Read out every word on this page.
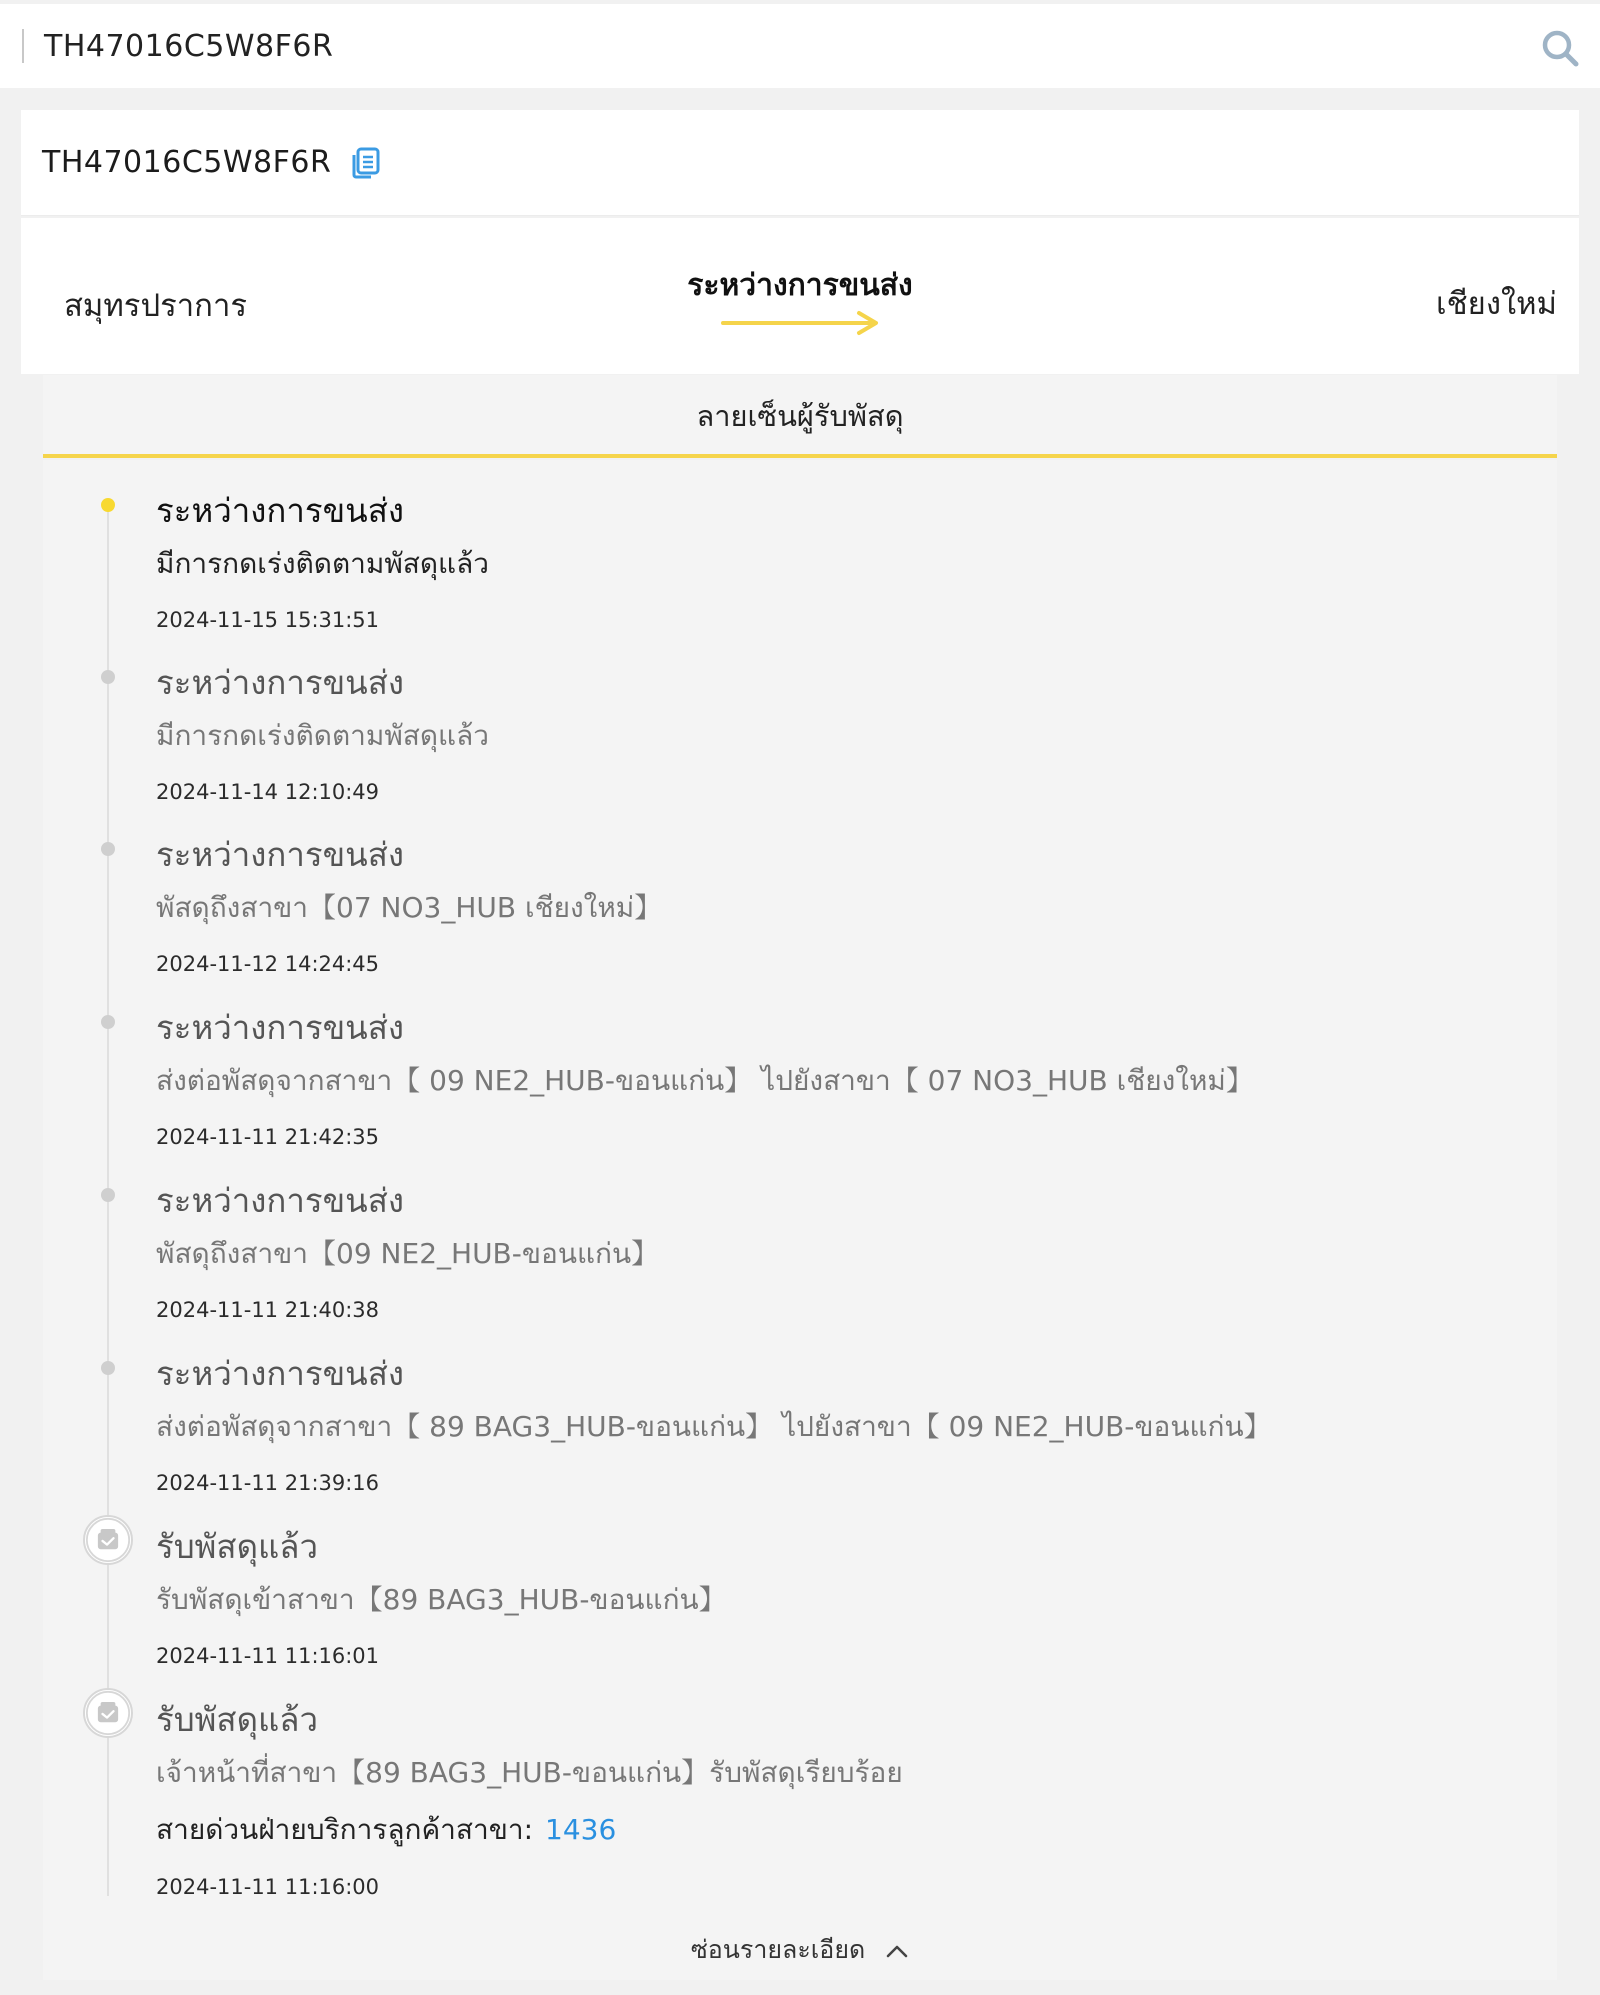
TH47016C5W8F6R
TH47016C5W8F6R
สมุทรปราการ
ระหว่างการขนส่ง
เชียงใหม่
ลายเซ็นผู้รับพัสดุ
ระหว่างการขนส่ง
มีการกดเร่งติดตามพัสดุแล้ว
2024-11-15 15:31:51
ระหว่างการขนส่ง
มีการกดเร่งติดตามพัสดุแล้ว
2024-11-14 12:10:49
ระหว่างการขนส่ง
พัสดุถึงสาขา【07 NO3_HUB เชียงใหม่】
2024-11-12 14:24:45
ระหว่างการขนส่ง
ส่งต่อพัสดุจากสาขา【 09 NE2_HUB-ขอนแก่น】 ไปยังสาขา【 07 NO3_HUB เชียงใหม่】
2024-11-11 21:42:35
ระหว่างการขนส่ง
พัสดุถึงสาขา【09 NE2_HUB-ขอนแก่น】
2024-11-11 21:40:38
ระหว่างการขนส่ง
ส่งต่อพัสดุจากสาขา【 89 BAG3_HUB-ขอนแก่น】 ไปยังสาขา【 09 NE2_HUB-ขอนแก่น】
2024-11-11 21:39:16
รับพัสดุแล้ว
รับพัสดุเข้าสาขา【89 BAG3_HUB-ขอนแก่น】
2024-11-11 11:16:01
รับพัสดุแล้ว
เจ้าหน้าที่สาขา【89 BAG3_HUB-ขอนแก่น】รับพัสดุเรียบร้อย
สายด่วนฝ่ายบริการลูกค้าสาขา: 1436
2024-11-11 11:16:00
ซ่อนรายละเอียด
